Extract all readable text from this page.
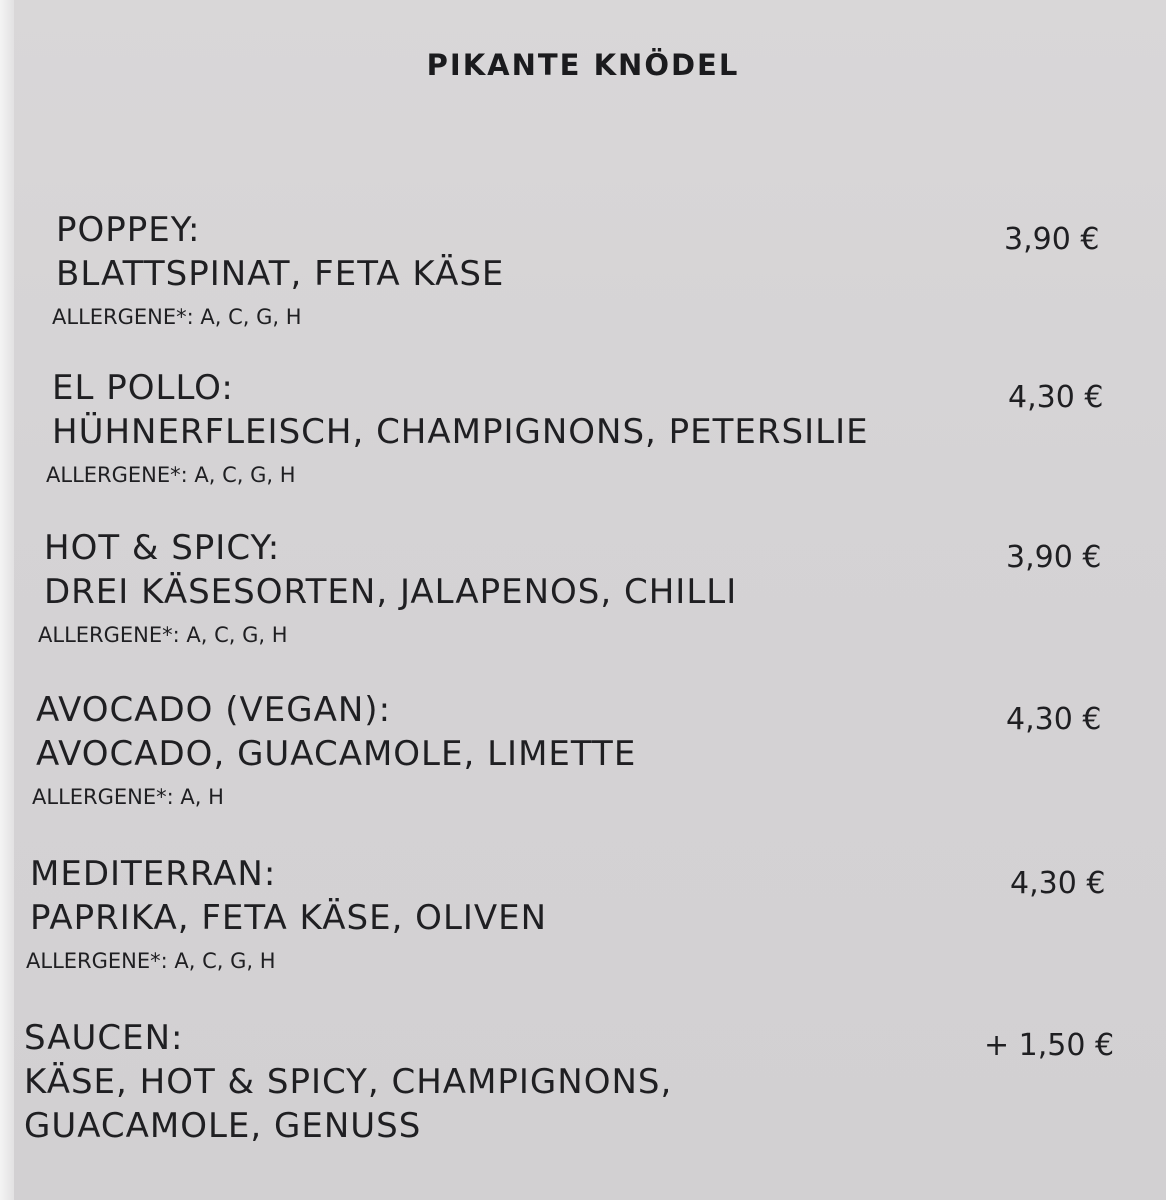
PIKANTE KNÖDEL
POPPEY:
BLATTSPINAT, FETA KÄSE
ALLERGENE*: A, C, G, H
3,90 €
EL POLLO:
HÜHNERFLEISCH, CHAMPIGNONS, PETERSILIE
ALLERGENE*: A, C, G, H
4,30 €
HOT & SPICY:
DREI KÄSESORTEN, JALAPENOS, CHILLI
ALLERGENE*: A, C, G, H
3,90 €
AVOCADO (VEGAN):
AVOCADO, GUACAMOLE, LIMETTE
ALLERGENE*: A, H
4,30 €
MEDITERRAN:
PAPRIKA, FETA KÄSE, OLIVEN
ALLERGENE*: A, C, G, H
4,30 €
SAUCEN:
KÄSE, HOT & SPICY, CHAMPIGNONS,
GUACAMOLE, GENUSS
+ 1,50 €
